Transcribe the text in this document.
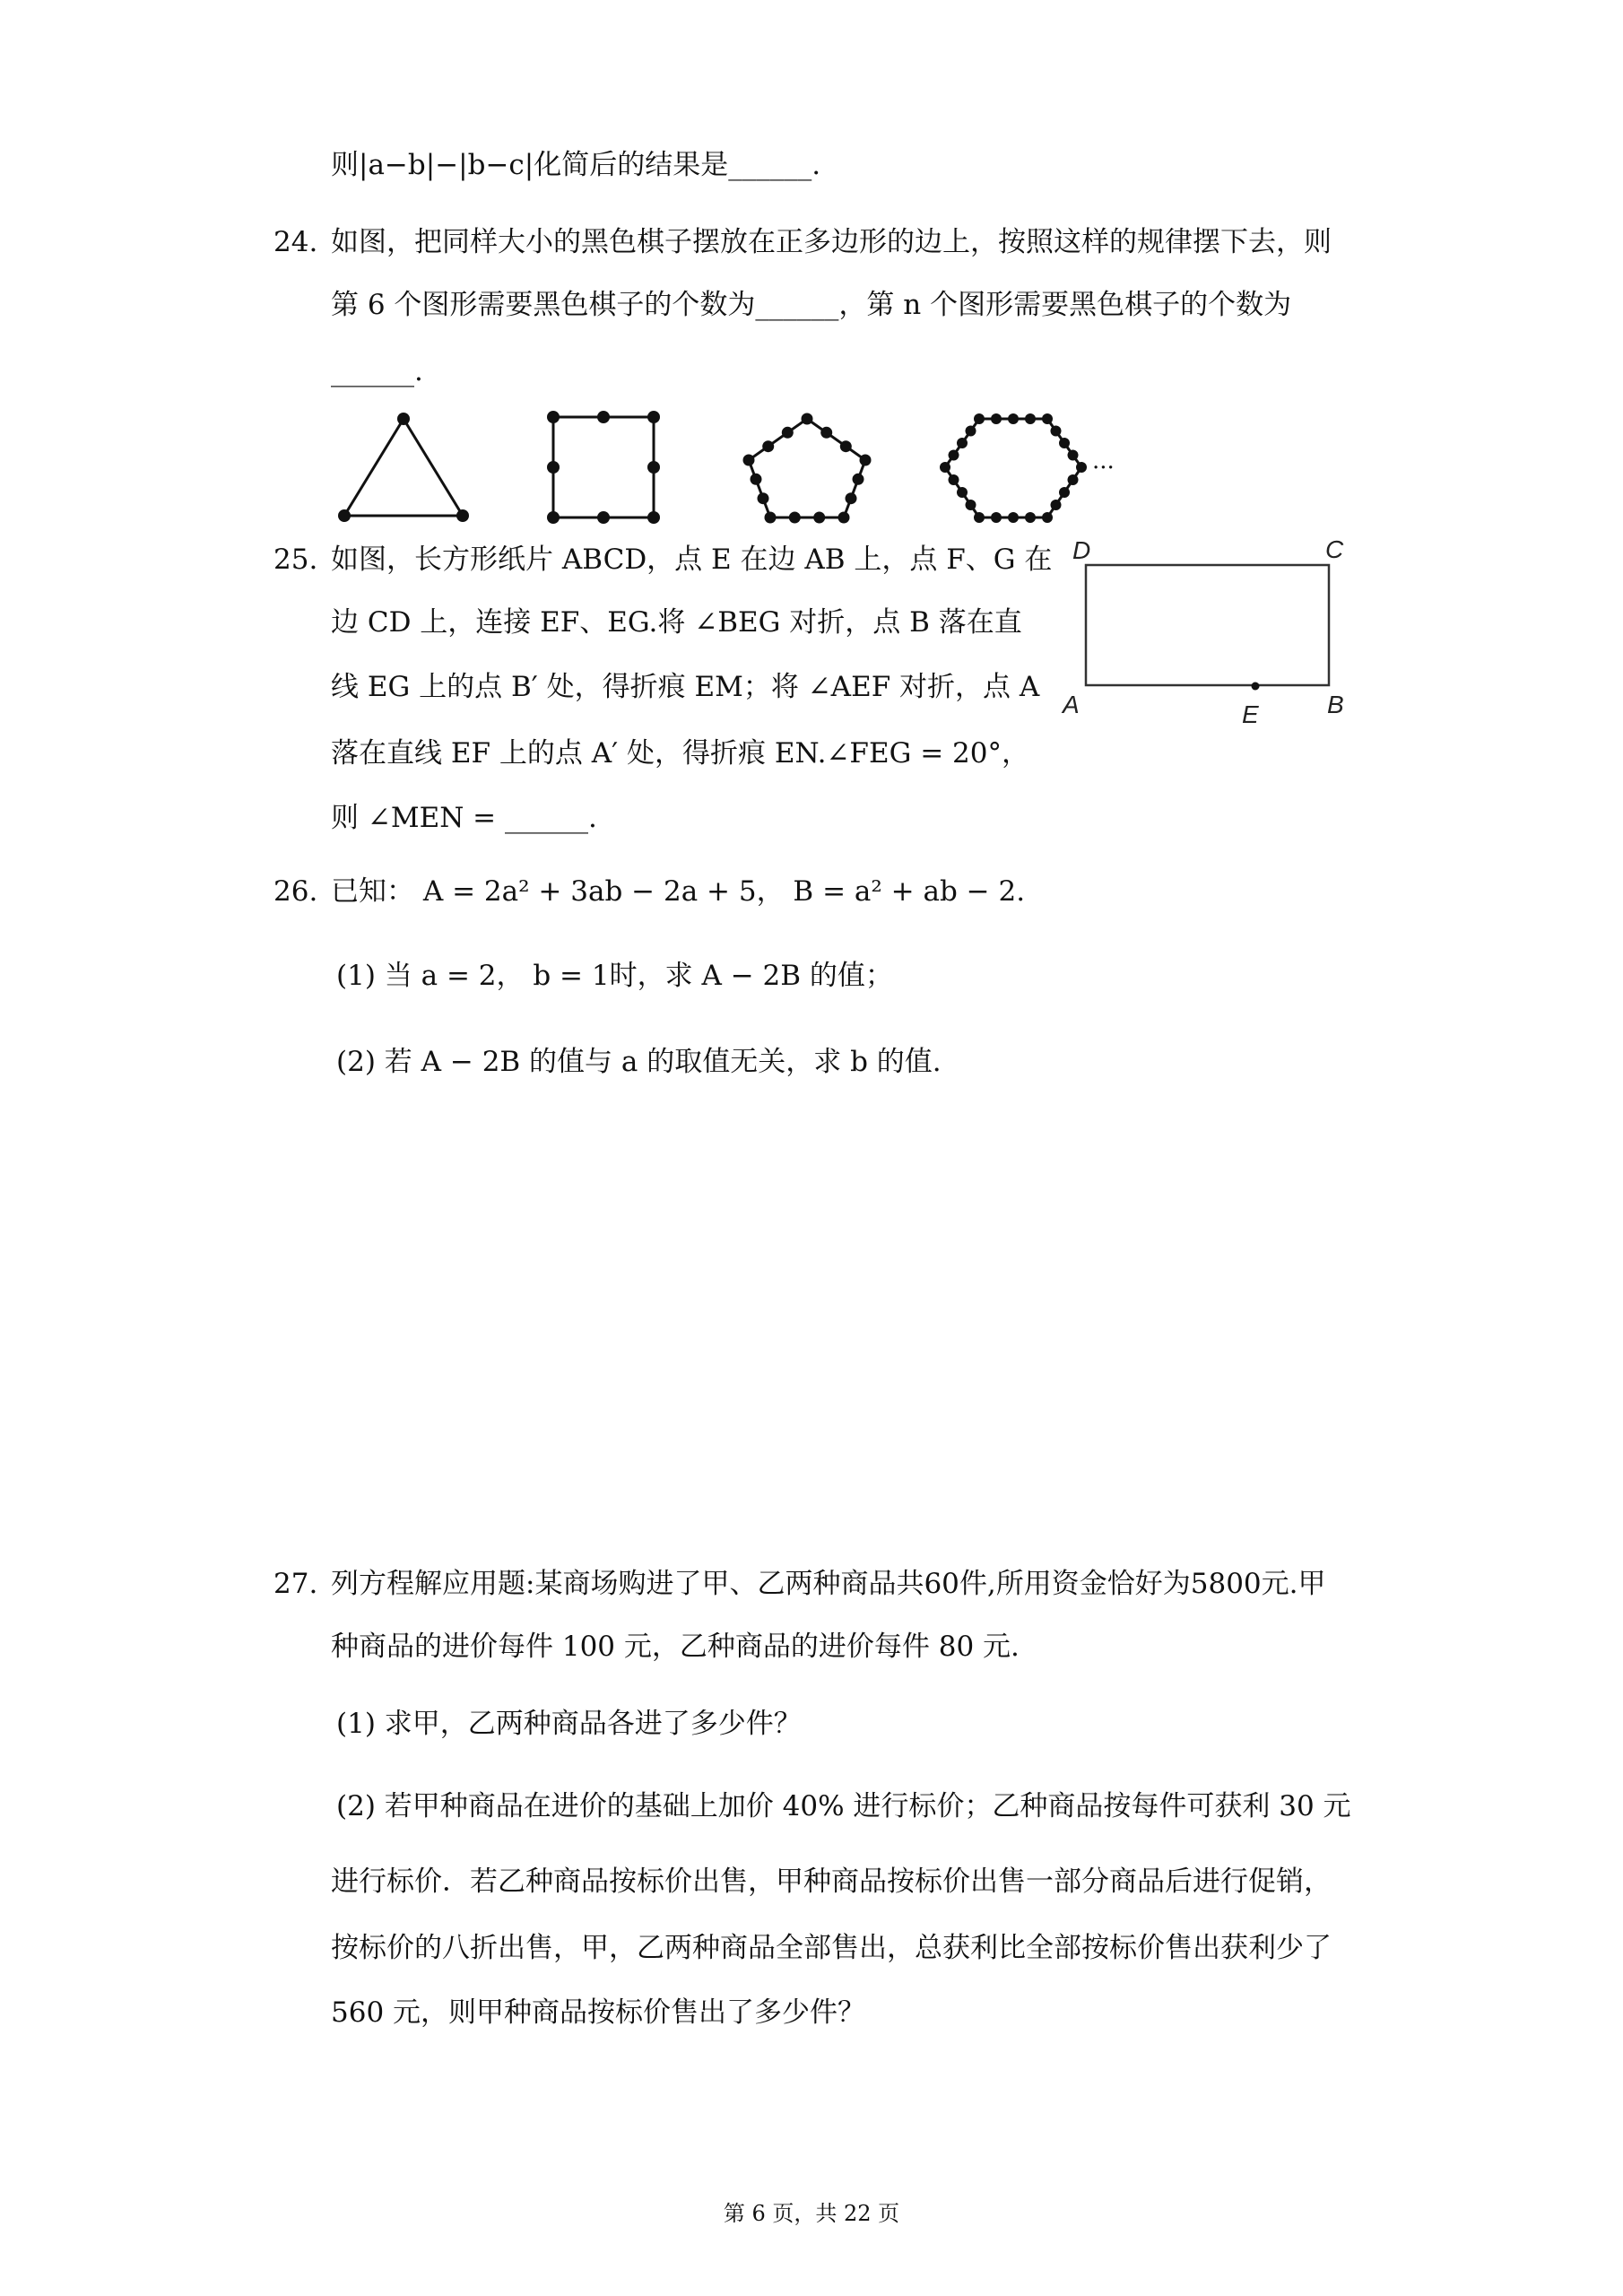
则|a−b|−|b−c|化简后的结果是______.
24. 如图，把同样大小的黑色棋子摆放在正多边形的边上，按照这样的规律摆下去，则
第 6 个图形需要黑色棋子的个数为______，第 n 个图形需要黑色棋子的个数为
______.
...
25. 如图，长方形纸片 ABCD，点 E 在边 AB 上，点 F、G 在
边 CD 上，连接 EF、EG.将 ∠BEG 对折，点 B 落在直
线 EG 上的点 B′ 处，得折痕 EM；将 ∠AEF 对折，点 A
落在直线 EF 上的点 A′ 处，得折痕 EN.∠FEG = 20°，
则 ∠MEN = ______.
D	C
A	E	B
26. 已知： A = 2a² + 3ab − 2a + 5， B = a² + ab − 2.
(1) 当 a = 2， b = 1时，求 A − 2B 的值；
(2) 若 A − 2B 的值与 a 的取值无关，求 b 的值.
27. 列方程解应用题:某商场购进了甲、乙两种商品共60件,所用资金恰好为5800元.甲
种商品的进价每件 100 元，乙种商品的进价每件 80 元.
(1) 求甲，乙两种商品各进了多少件？
(2) 若甲种商品在进价的基础上加价 40% 进行标价；乙种商品按每件可获利 30 元
进行标价．若乙种商品按标价出售，甲种商品按标价出售一部分商品后进行促销，
按标价的八折出售，甲，乙两种商品全部售出，总获利比全部按标价售出获利少了
560 元，则甲种商品按标价售出了多少件？
第 6 页，共 22 页
